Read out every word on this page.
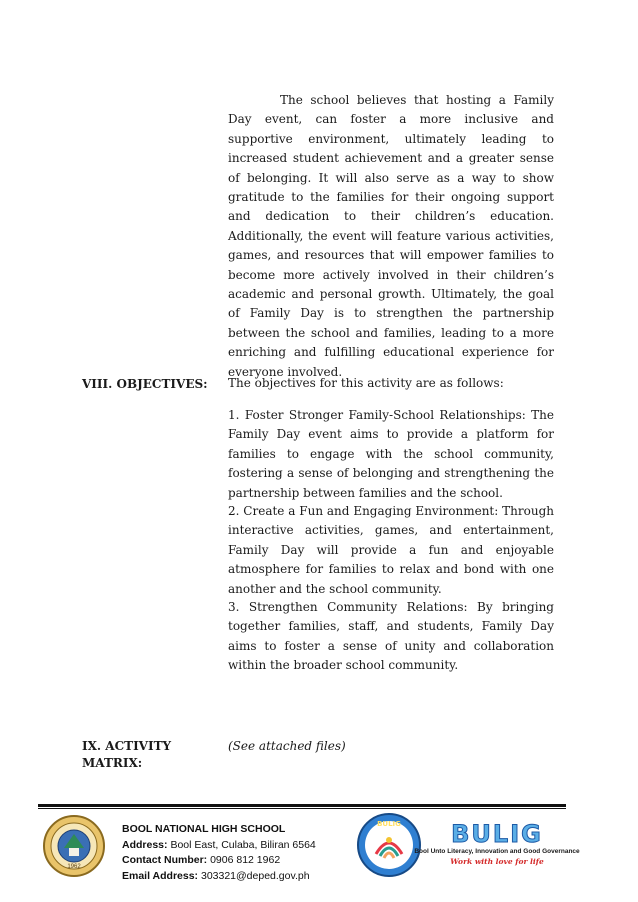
The school believes that hosting a Family Day event, can foster a more inclusive and supportive environment, ultimately leading to increased student achievement and a greater sense of belonging. It will also serve as a way to show gratitude to the families for their ongoing support and dedication to their children’s education. Additionally, the event will feature various activities, games, and resources that will empower families to become more actively involved in their children’s academic and personal growth. Ultimately, the goal of Family Day is to strengthen the partnership between the school and families, leading to a more enriching and fulfilling educational experience for everyone involved.

VIII. OBJECTIVES: The objectives for this activity are as follows:

1. Foster Stronger Family-School Relationships: The Family Day event aims to provide a platform for families to engage with the school community, fostering a sense of belonging and strengthening the partnership between families and the school.

2. Create a Fun and Engaging Environment: Through interactive activities, games, and entertainment, Family Day will provide a fun and enjoyable atmosphere for families to relax and bond with one another and the school community.

3. Strengthen Community Relations: By bringing together families, staff, and students, Family Day aims to foster a sense of unity and collaboration within the broader school community.

IX. ACTIVITY
MATRIX:

(See attached files)

1962
BOOL NATIONAL HIGH SCHOOL
Address: Bool East, Culaba, Biliran 6564
Contact Number: 0906 812 1962
Email Address: 303321@deped.gov.ph
BULIG BULIG
Bool Unto Literacy, Innovation and Good Governance
Work with love for life
